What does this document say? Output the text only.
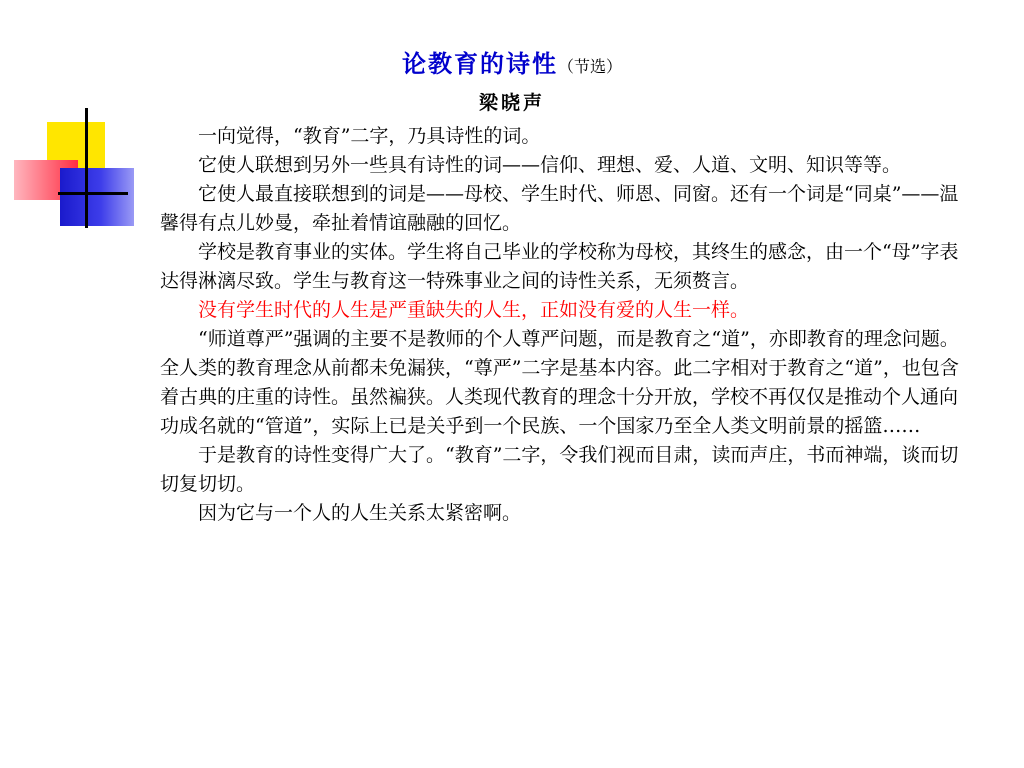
论教育的诗性（节选）
梁晓声

一向觉得，“教育”二字，乃具诗性的词。

它使人联想到另外一些具有诗性的词——信仰、理想、爱、人道、文明、知识等等。

它使人最直接联想到的词是——母校、学生时代、师恩、同窗。还有一个词是“同桌”——温馨得有点儿妙曼，牵扯着情谊融融的回忆。

学校是教育事业的实体。学生将自己毕业的学校称为母校，其终生的感念，由一个“母”字表达得淋漓尽致。学生与教育这一特殊事业之间的诗性关系，无须赘言。

没有学生时代的人生是严重缺失的人生，正如没有爱的人生一样。

“师道尊严”强调的主要不是教师的个人尊严问题，而是教育之“道”，亦即教育的理念问题。全人类的教育理念从前都未免漏狭，“尊严”二字是基本内容。此二字相对于教育之“道”，也包含着古典的庄重的诗性。虽然褊狭。人类现代教育的理念十分开放，学校不再仅仅是推动个人通向功成名就的“管道”，实际上已是关乎到一个民族、一个国家乃至全人类文明前景的摇篮……

于是教育的诗性变得广大了。“教育”二字，令我们视而目肃，读而声庄，书而神端，谈而切切复切切。

因为它与一个人的人生关系太紧密啊。
